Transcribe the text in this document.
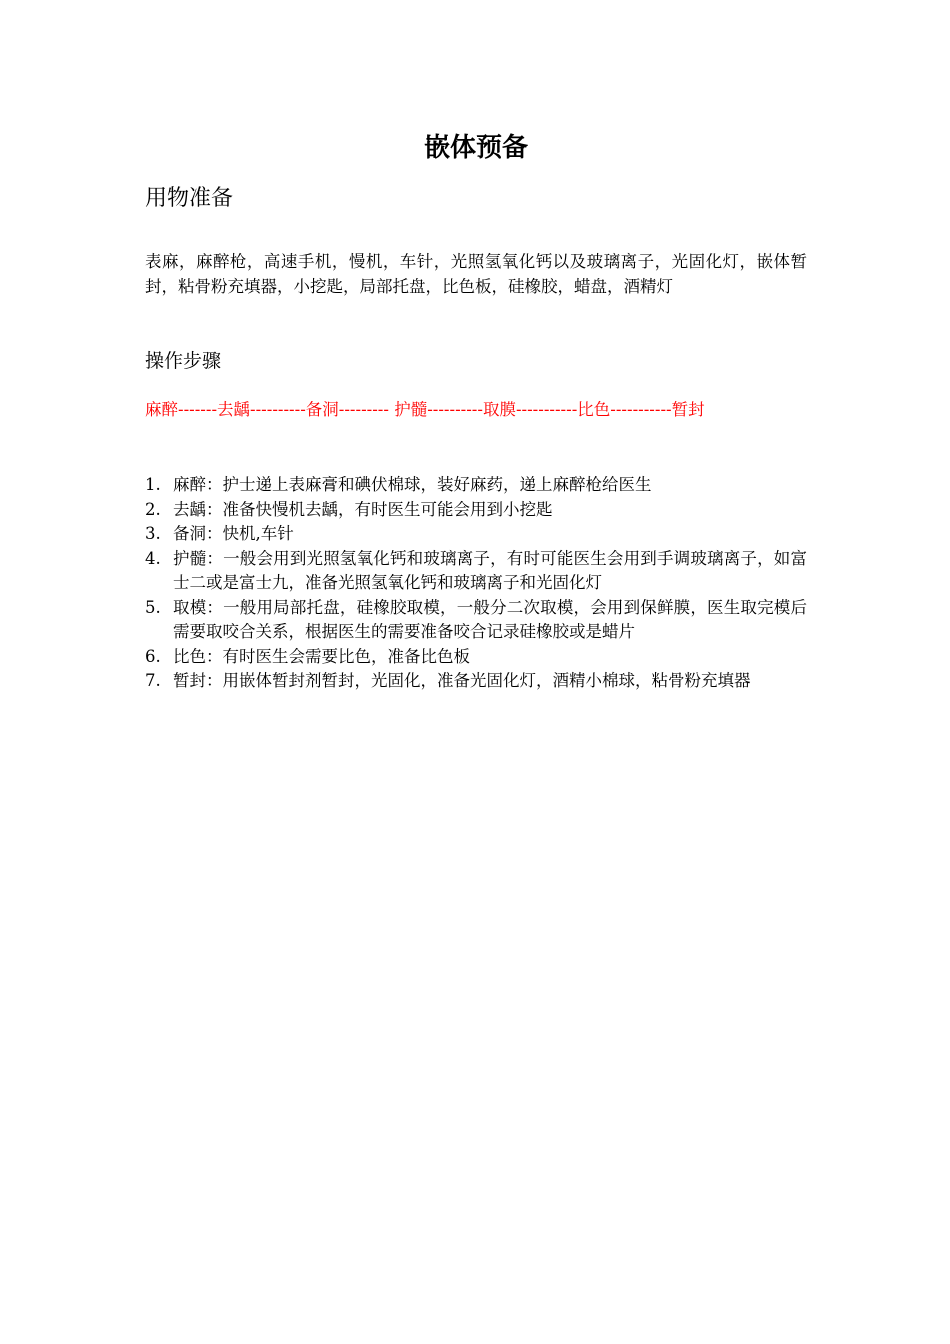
嵌体预备
用物准备

表麻，麻醉枪，高速手机，慢机，车针，光照氢氧化钙以及玻璃离子，光固化灯，嵌体暂封，粘骨粉充填器，小挖匙，局部托盘，比色板，硅橡胶，蜡盘，酒精灯

操作步骤

麻醉-------去龋----------备洞--------- 护髓----------取膜-----------比色-----------暂封

1. 麻醉：护士递上表麻膏和碘伏棉球，装好麻药，递上麻醉枪给医生
2. 去龋：准备快慢机去龋，有时医生可能会用到小挖匙
3. 备洞：快机,车针
4. 护髓：一般会用到光照氢氧化钙和玻璃离子，有时可能医生会用到手调玻璃离子，如富士二或是富士九，准备光照氢氧化钙和玻璃离子和光固化灯
5. 取模：一般用局部托盘，硅橡胶取模，一般分二次取模，会用到保鲜膜，医生取完模后需要取咬合关系，根据医生的需要准备咬合记录硅橡胶或是蜡片
6. 比色：有时医生会需要比色，准备比色板
7. 暂封：用嵌体暂封剂暂封，光固化，准备光固化灯，酒精小棉球，粘骨粉充填器
